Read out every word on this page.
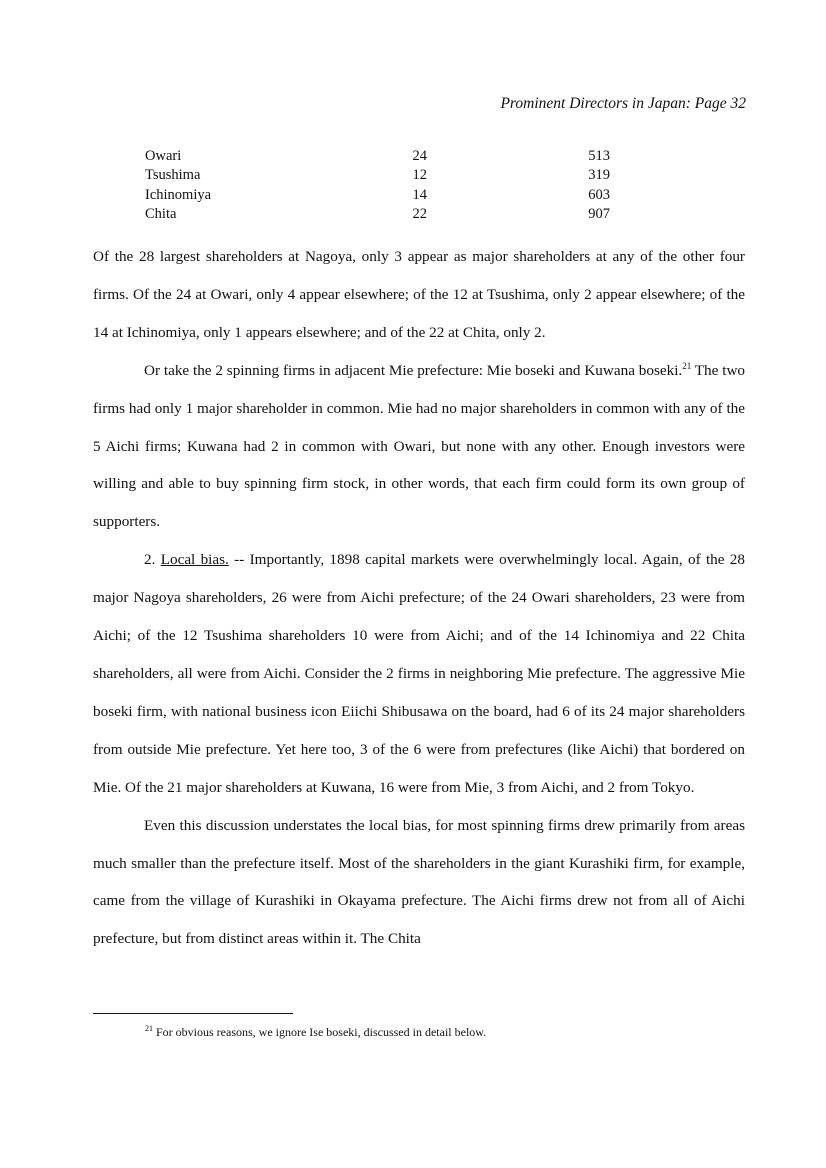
Prominent Directors in Japan: Page 32
Owari	24	513
Tsushima	12	319
Ichinomiya	14	603
Chita	22	907

Of the 28 largest shareholders at Nagoya, only 3 appear as major shareholders at any of the other four firms. Of the 24 at Owari, only 4 appear elsewhere; of the 12 at Tsushima, only 2 appear elsewhere; of the 14 at Ichinomiya, only 1 appears elsewhere; and of the 22 at Chita, only 2.

Or take the 2 spinning firms in adjacent Mie prefecture: Mie boseki and Kuwana boseki.$^{21}$ The two firms had only 1 major shareholder in common. Mie had no major shareholders in common with any of the 5 Aichi firms; Kuwana had 2 in common with Owari, but none with any other. Enough investors were willing and able to buy spinning firm stock, in other words, that each firm could form its own group of supporters.

2. Local bias. -- Importantly, 1898 capital markets were overwhelmingly local. Again, of the 28 major Nagoya shareholders, 26 were from Aichi prefecture; of the 24 Owari shareholders, 23 were from Aichi; of the 12 Tsushima shareholders 10 were from Aichi; and of the 14 Ichinomiya and 22 Chita shareholders, all were from Aichi. Consider the 2 firms in neighboring Mie prefecture. The aggressive Mie boseki firm, with national business icon Eiichi Shibusawa on the board, had 6 of its 24 major shareholders from outside Mie prefecture. Yet here too, 3 of the 6 were from prefectures (like Aichi) that bordered on Mie. Of the 21 major shareholders at Kuwana, 16 were from Mie, 3 from Aichi, and 2 from Tokyo.

Even this discussion understates the local bias, for most spinning firms drew primarily from areas much smaller than the prefecture itself. Most of the shareholders in the giant Kurashiki firm, for example, came from the village of Kurashiki in Okayama prefecture. The Aichi firms drew not from all of Aichi prefecture, but from distinct areas within it. The Chita

$^{21}$ For obvious reasons, we ignore Ise boseki, discussed in detail below.
